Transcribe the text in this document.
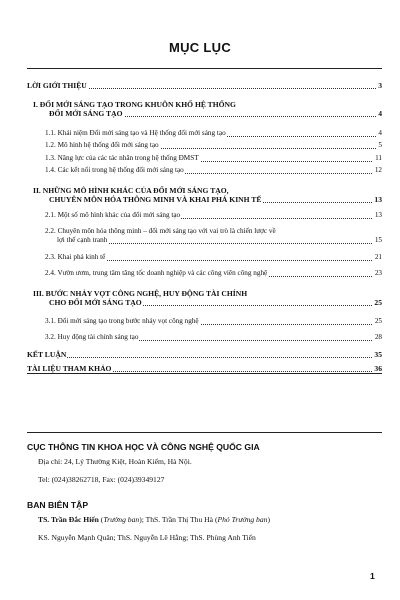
MỤC LỤC
LỜI GIỚI THIỆU	3
I. ĐỔI MỚI SÁNG TẠO TRONG KHUÔN KHỔ HỆ THỐNG
ĐỔI MỚI SÁNG TẠO	4
1.1. Khái niệm Đổi mới sáng tạo và Hệ thống đổi mới sáng tạo	4
1.2. Mô hình hệ thống đổi mới sáng tạo	5
1.3. Năng lực của các tác nhân trong hệ thống ĐMST	11
1.4. Các kết nối trong hệ thống đổi mới sáng tạo	12
II. NHỮNG MÔ HÌNH KHÁC CỦA ĐỔI MỚI SÁNG TẠO,
CHUYÊN MÔN HÓA THÔNG MINH VÀ KHAI PHÁ KINH TẾ	13
2.1. Một số mô hình khác của đổi mới sáng tạo	13
2.2. Chuyên môn hóa thông minh – đổi mới sáng tạo với vai trò là chiến lược về
lợi thế cạnh tranh	15
2.3. Khai phá kinh tế	21
2.4. Vườn ươm, trung tâm tăng tốc doanh nghiệp và các công viên công nghệ	23
III. BƯỚC NHẢY VỌT CÔNG NGHỆ, HUY ĐỘNG TÀI CHÍNH
CHO ĐỔI MỚI SÁNG TẠO	25
3.1. Đổi mới sáng tạo trong bước nhảy vọt công nghệ	25
3.2. Huy động tài chính sáng tạo	28
KẾT LUẬN	35
TÀI LIỆU THAM KHẢO	36
CỤC THÔNG TIN KHOA HỌC VÀ CÔNG NGHỆ QUỐC GIA
Địa chỉ: 24, Lý Thường Kiệt, Hoàn Kiếm, Hà Nội.
Tel: (024)38262718, Fax: (024)39349127
BAN BIÊN TẬP
TS. Trần Đắc Hiến (Trưởng ban); ThS. Trần Thị Thu Hà (Phó Trưởng ban)
KS. Nguyễn Mạnh Quân; ThS. Nguyễn Lê Hằng; ThS. Phùng Anh Tiến
1
